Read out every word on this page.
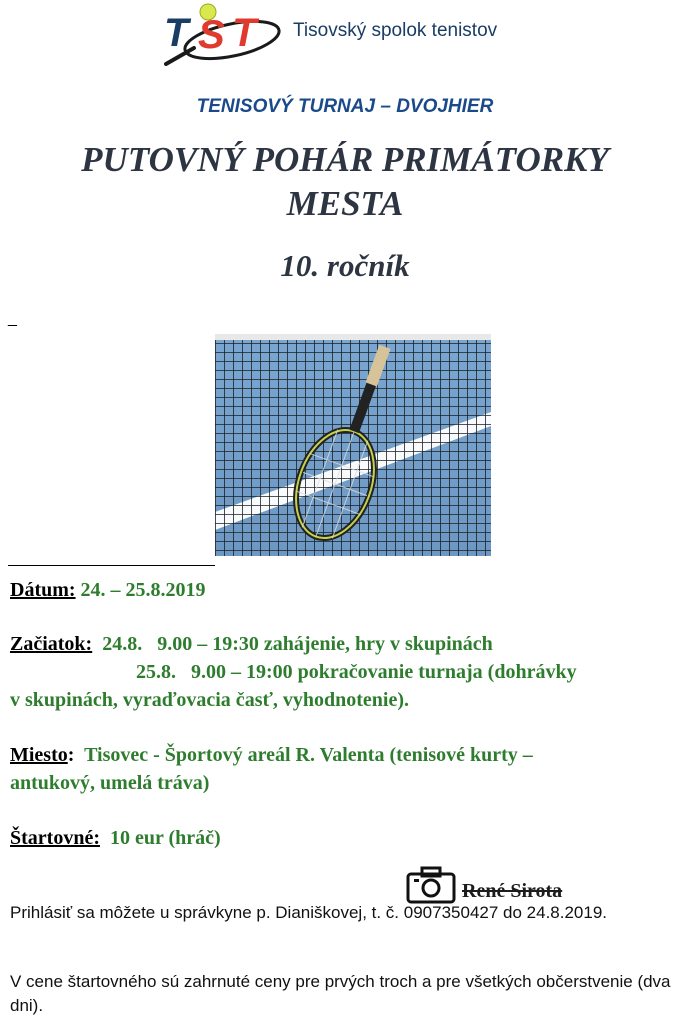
T S T Tisovský spolok tenistov
TENISOVÝ TURNAJ – DVOJHIER
PUTOVNÝ POHÁR PRIMÁTORKY
MESTA
10. ročník
_
Dátum: 24. – 25.8.2019
Začiatok: 24.8.   9.00 – 19:30 zahájenie, hry v skupinách
25.8.   9.00 – 19:00 pokračovanie turnaja (dohrávky
v skupinách, vyraďovacia časť, vyhodnotenie).
Miesto: Tisovec - Športový areál R. Valenta (tenisové kurty –
antukový, umelá tráva)
Štartovné: 10 eur (hráč)
René Sirota
Prihlásiť sa môžete u správkyne p. Dianiškovej, t. č. 0907350427 do 24.8.2019.
V cene štartovného sú zahrnuté ceny pre prvých troch a pre všetkých občerstvenie (dva dni).
